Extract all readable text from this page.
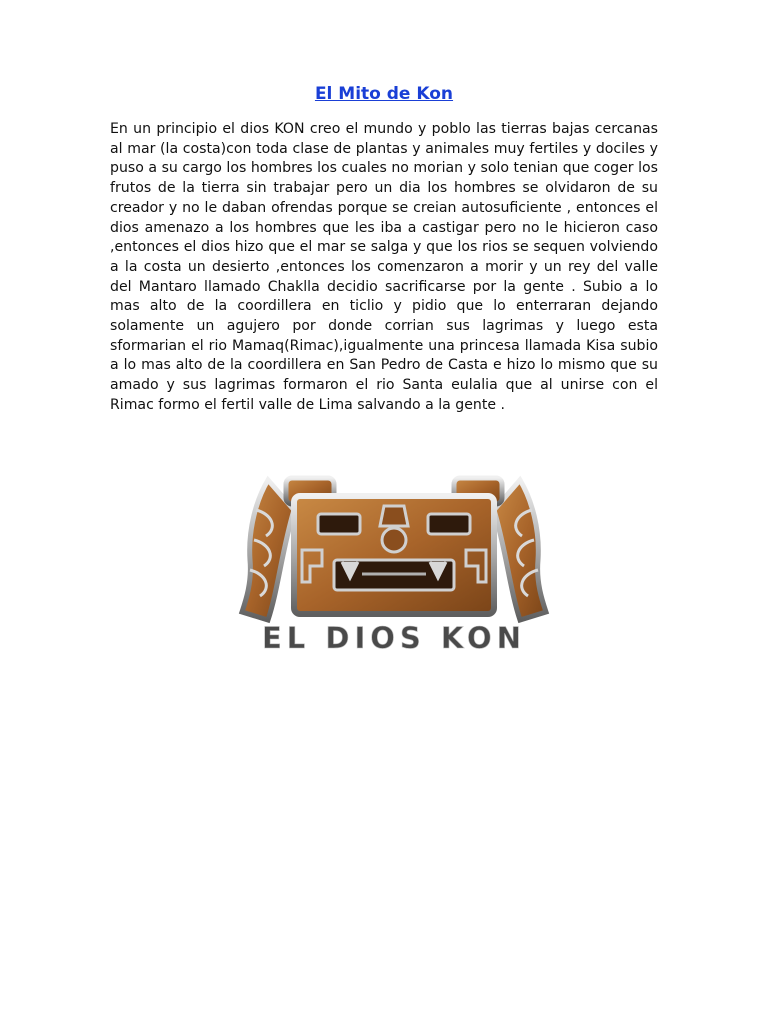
El Mito de Kon

En un principio el dios KON creo el mundo y poblo las tierras bajas cercanas al mar (la costa)con toda clase de plantas y animales muy fertiles y dociles y puso a su cargo los hombres los cuales no morian y solo tenian que coger los frutos de la tierra sin trabajar pero un dia los hombres se olvidaron de su creador y no le daban ofrendas porque se creian autosuficiente , entonces el dios amenazo a los hombres que les iba a castigar pero no le hicieron caso ,entonces el dios hizo que el mar se salga y que los rios se sequen volviendo a la costa un desierto ,entonces los comenzaron a morir y un rey del valle del Mantaro llamado Chaklla decidio sacrificarse por la gente . Subio a lo mas alto de la coordillera en ticlio y pidio que lo enterraran dejando solamente un agujero por donde corrian sus lagrimas y luego esta sformarian el rio Mamaq(Rimac),igualmente una princesa llamada Kisa subio a lo mas alto de la coordillera en San Pedro de Casta e hizo lo mismo que su amado y sus lagrimas formaron el rio Santa eulalia que al unirse con el Rimac formo el fertil valle de Lima salvando a la gente .

EL DIOS KON
